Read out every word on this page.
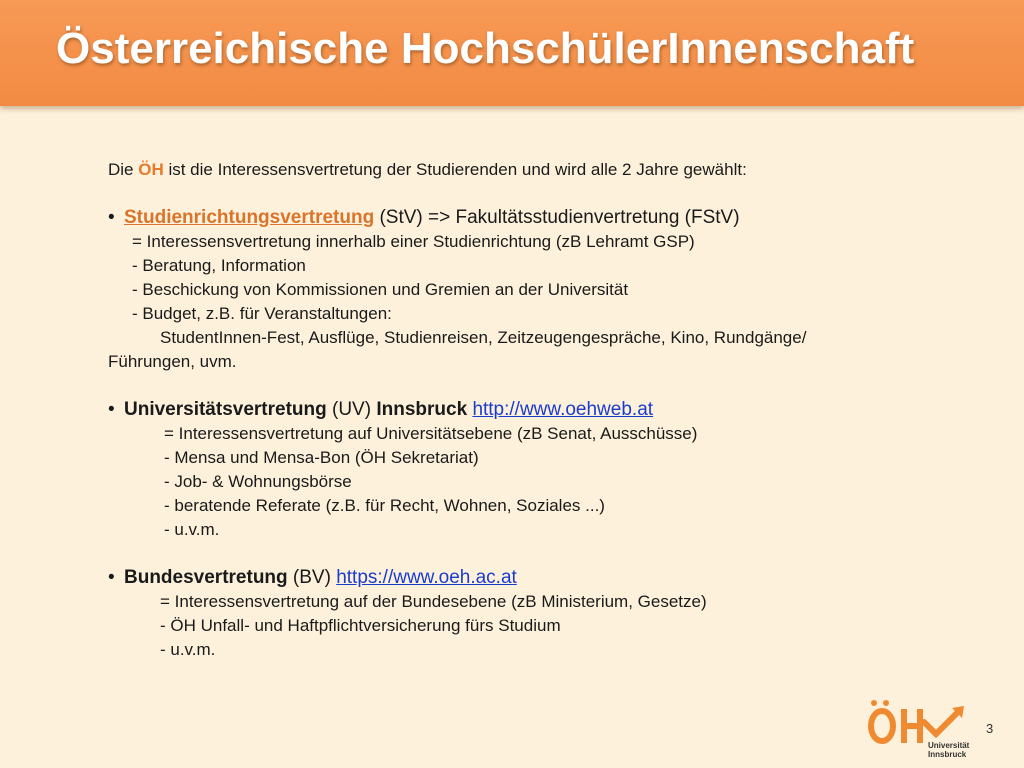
Österreichische HochschülerInnenschaft
Die ÖH ist die Interessensvertretung der Studierenden und wird alle 2 Jahre gewählt:
• Studienrichtungsvertretung (StV) => Fakultätsstudienvertretung (FStV)
= Interessensvertretung innerhalb einer Studienrichtung (zB Lehramt GSP)
- Beratung, Information
- Beschickung von Kommissionen und Gremien an der Universität
- Budget, z.B. für Veranstaltungen:
StudentInnen-Fest, Ausflüge, Studienreisen, Zeitzeugengespräche, Kino, Rundgänge/
Führungen, uvm.
• Universitätsvertretung (UV) Innsbruck http://www.oehweb.at
= Interessensvertretung auf Universitätsebene (zB Senat, Ausschüsse)
- Mensa und Mensa-Bon (ÖH Sekretariat)
- Job- & Wohnungsbörse
- beratende Referate (z.B. für Recht, Wohnen, Soziales ...)
- u.v.m.
• Bundesvertretung (BV) https://www.oeh.ac.at
= Interessensvertretung auf der Bundesebene (zB Ministerium, Gesetze)
- ÖH Unfall- und Haftpflichtversicherung fürs Studium
- u.v.m.
3
Universität
Innsbruck
